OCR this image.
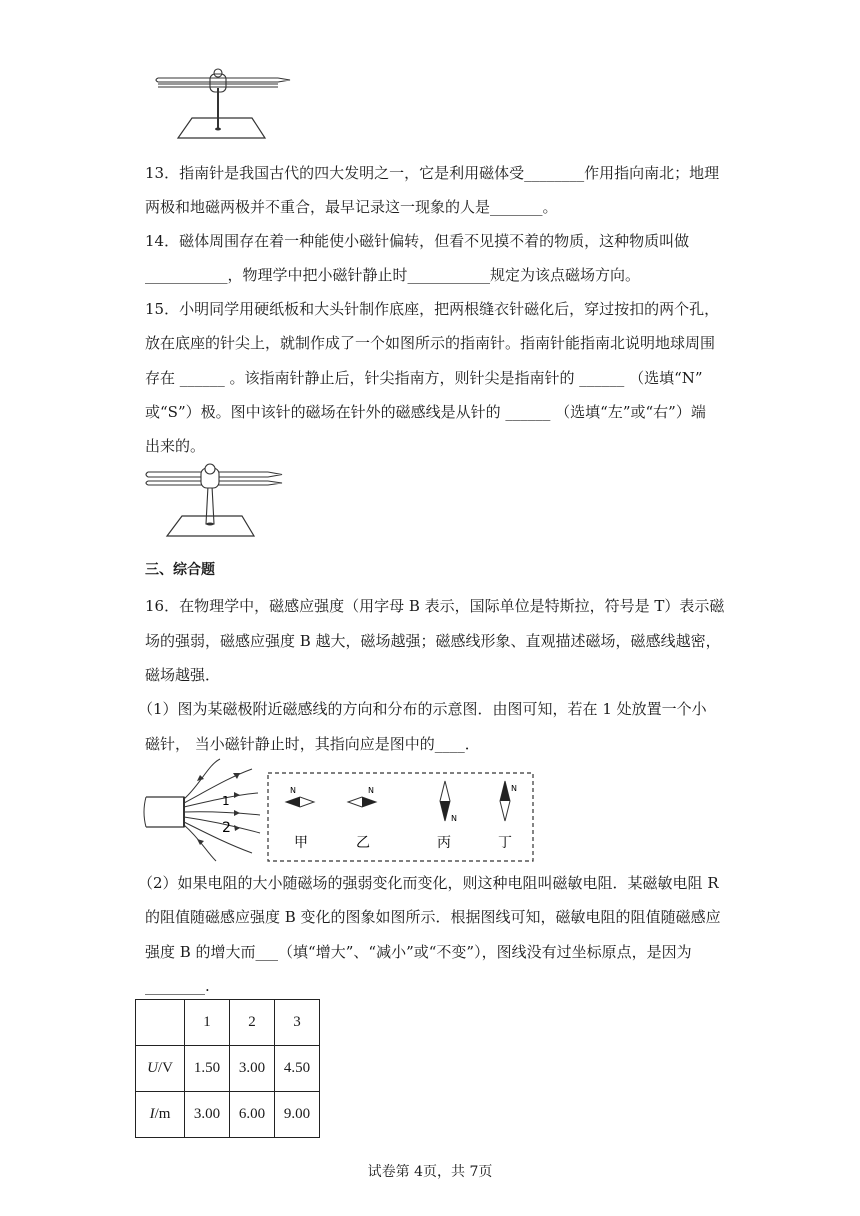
13．指南针是我国古代的四大发明之一，它是利用磁体受________作用指向南北；地理
两极和地磁两极并不重合，最早记录这一现象的人是_______。
14．磁体周围存在着一种能使小磁针偏转，但看不见摸不着的物质，这种物质叫做
___________，物理学中把小磁针静止时___________规定为该点磁场方向。
15．小明同学用硬纸板和大头针制作底座，把两根缝衣针磁化后，穿过按扣的两个孔，
放在底座的针尖上，就制作成了一个如图所示的指南针。指南针能指南北说明地球周围
存在 ______ 。该指南针静止后，针尖指南方，则针尖是指南针的 ______ （选填“N”
或“S”）极。图中该针的磁场在针外的磁感线是从针的 ______ （选填“左”或“右”）端
出来的。
三、综合题
16．在物理学中，磁感应强度（用字母 B 表示，国际单位是特斯拉，符号是 T）表示磁
场的强弱，磁感应强度 B 越大，磁场越强；磁感线形象、直观描述磁场，磁感线越密，
磁场越强．
（1）图为某磁极附近磁感线的方向和分布的示意图．由图可知，若在 1 处放置一个小
磁针， 当小磁针静止时，其指向应是图中的____．
1
2
N
甲
N
乙
N
丙
N
丁
（2）如果电阻的大小随磁场的强弱变化而变化，则这种电阻叫磁敏电阻．某磁敏电阻 R
的阻值随磁感应强度 B 变化的图象如图所示．根据图线可知，磁敏电阻的阻值随磁感应
强度 B 的增大而___（填“增大”、“减小”或“不变”），图线没有过坐标原点，是因为
________.
	1	2	3
U/V	1.50	3.00	4.50
I/m	3.00	6.00	9.00
试卷第 4页，共 7页
